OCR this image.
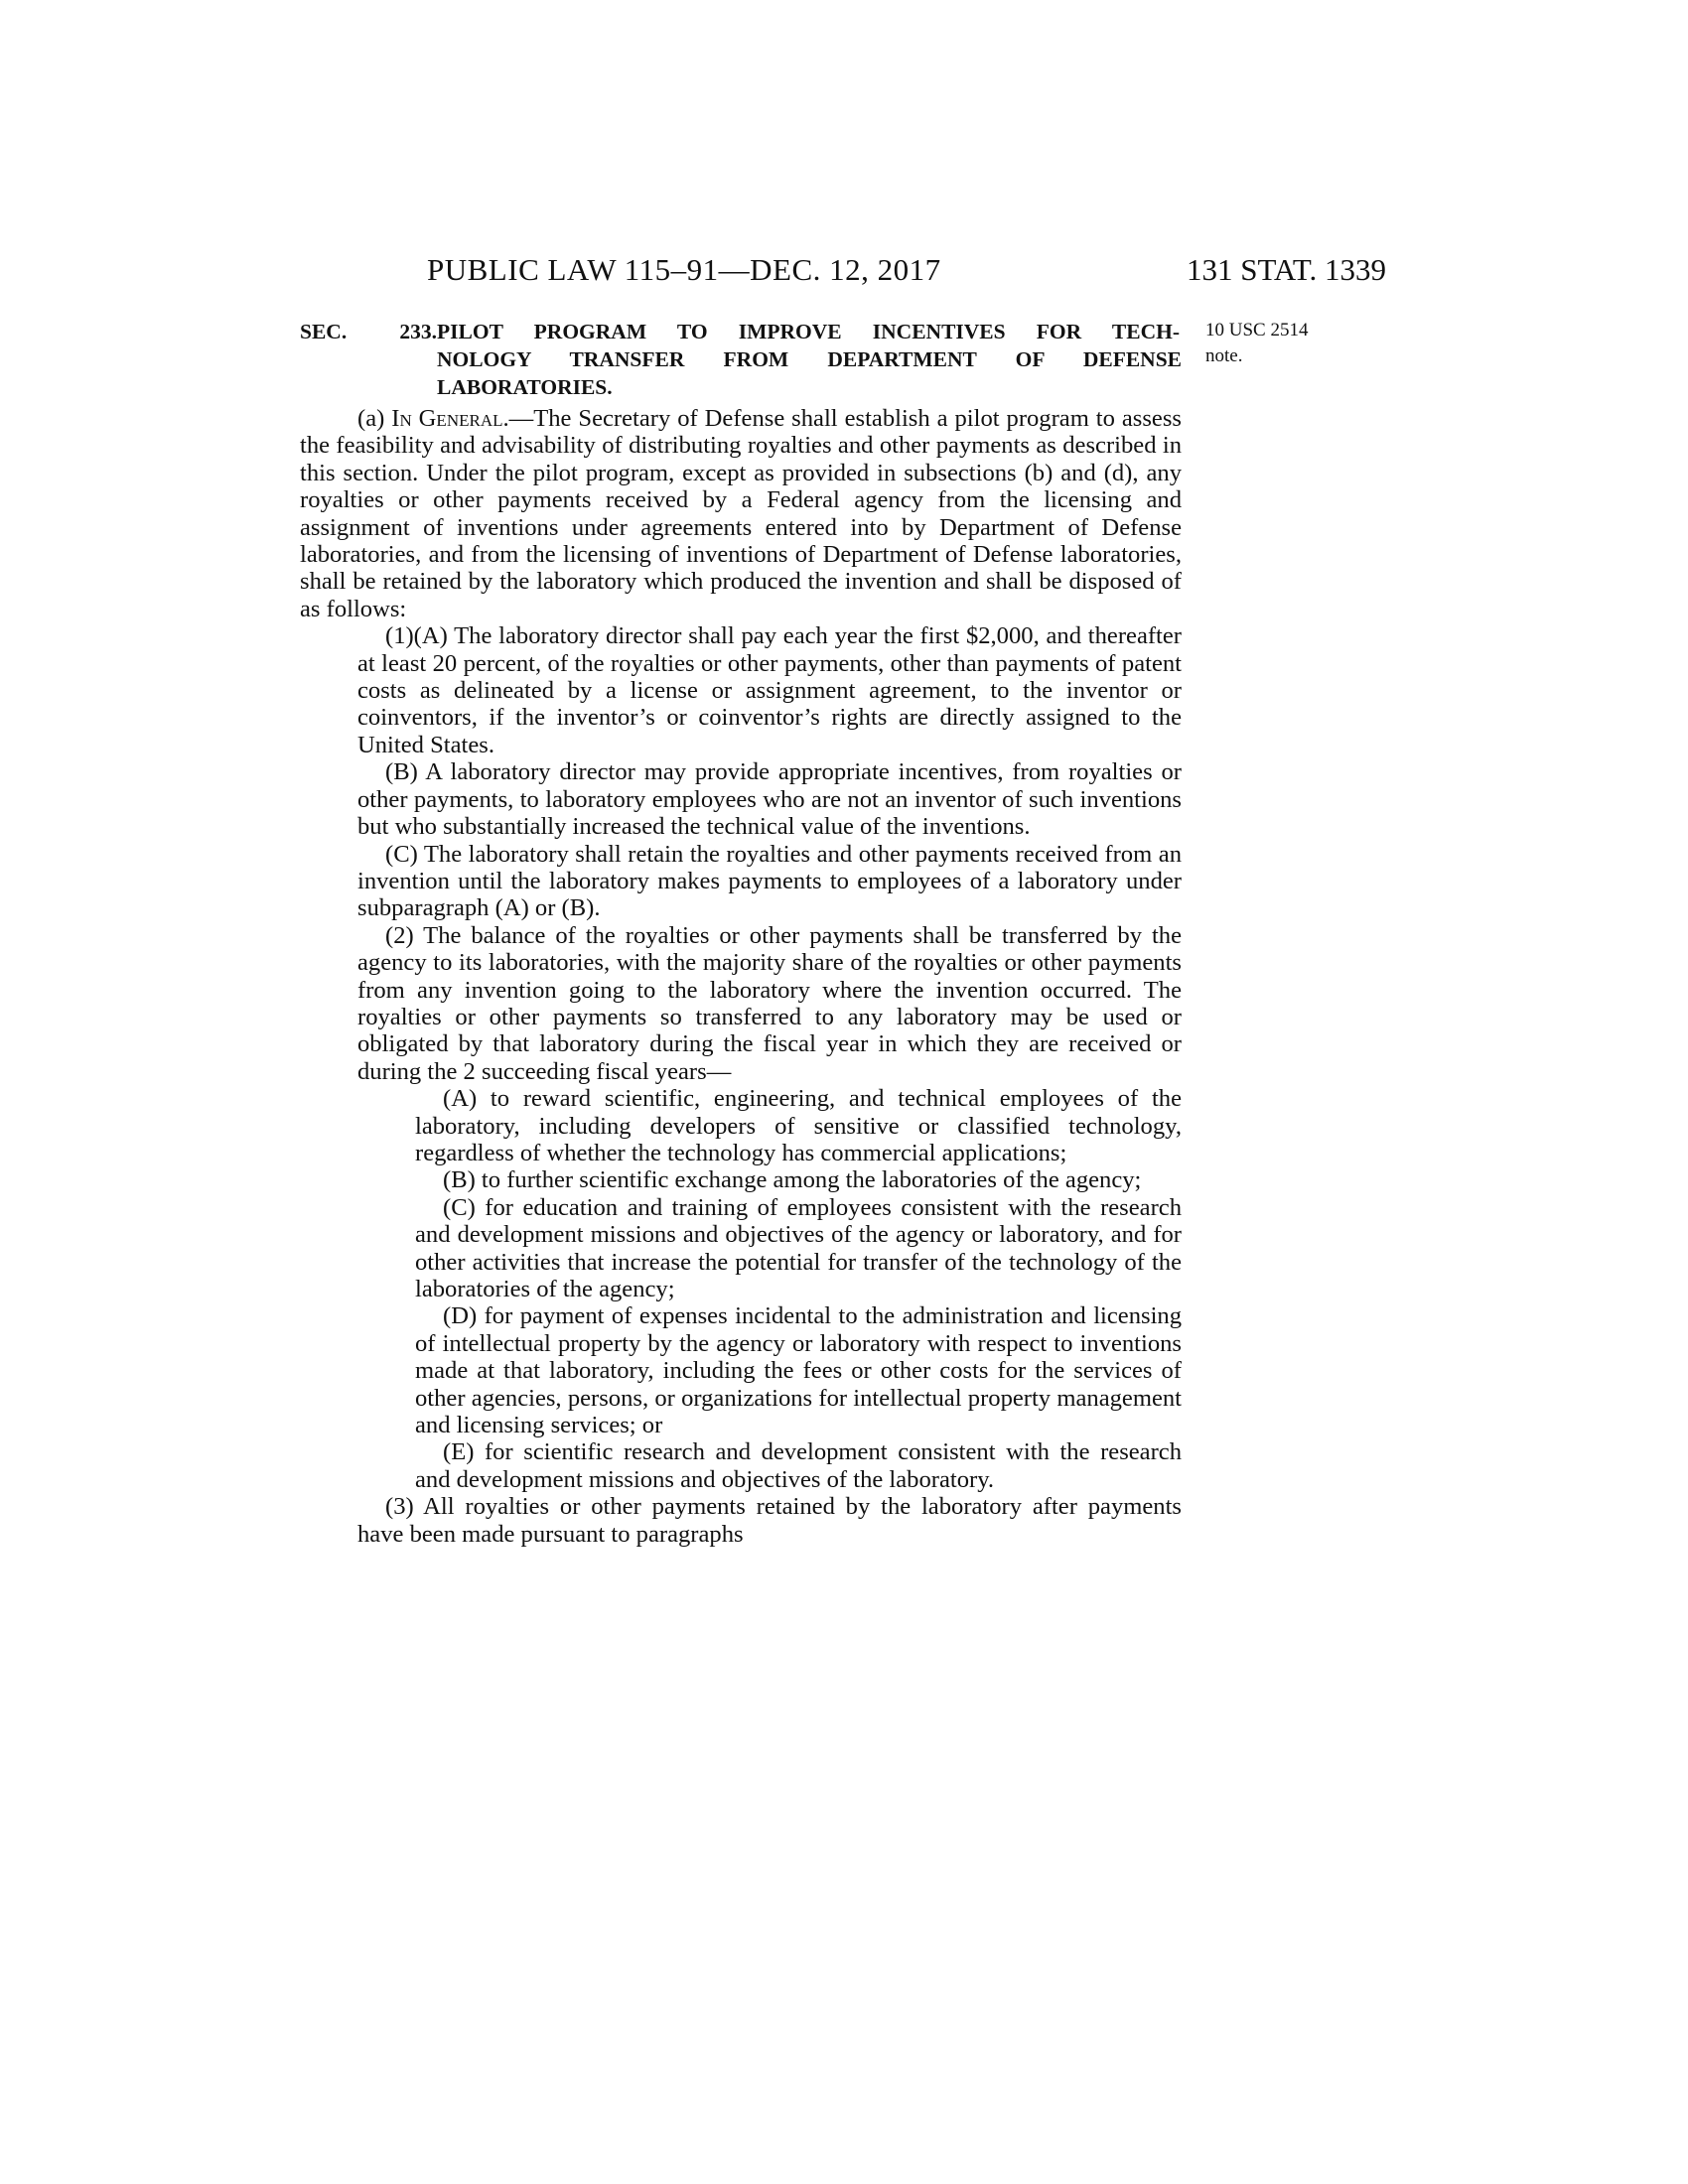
PUBLIC LAW 115–91—DEC. 12, 2017	131 STAT. 1339
SEC. 233.PILOT PROGRAM TO IMPROVE INCENTIVES FOR TECH-
NOLOGY TRANSFER FROM DEPARTMENT OF DEFENSE
LABORATORIES.
10 USC 2514
note.

(a) In General.—The Secretary of Defense shall establish a pilot program to assess the feasibility and advisability of distributing royalties and other payments as described in this section. Under the pilot program, except as provided in subsections (b) and (d), any royalties or other payments received by a Federal agency from the licensing and assignment of inventions under agreements entered into by Department of Defense laboratories, and from the licensing of inventions of Department of Defense laboratories, shall be retained by the laboratory which produced the invention and shall be disposed of as follows:

(1)(A) The laboratory director shall pay each year the first $2,000, and thereafter at least 20 percent, of the royalties or other payments, other than payments of patent costs as delineated by a license or assignment agreement, to the inventor or coinventors, if the inventor’s or coinventor’s rights are directly assigned to the United States.

(B) A laboratory director may provide appropriate incentives, from royalties or other payments, to laboratory employees who are not an inventor of such inventions but who substantially increased the technical value of the inventions.

(C) The laboratory shall retain the royalties and other payments received from an invention until the laboratory makes payments to employees of a laboratory under subparagraph (A) or (B).

(2) The balance of the royalties or other payments shall be transferred by the agency to its laboratories, with the majority share of the royalties or other payments from any invention going to the laboratory where the invention occurred. The royalties or other payments so transferred to any laboratory may be used or obligated by that laboratory during the fiscal year in which they are received or during the 2 succeeding fiscal years—

(A) to reward scientific, engineering, and technical employees of the laboratory, including developers of sensitive or classified technology, regardless of whether the technology has commercial applications;

(B) to further scientific exchange among the laboratories of the agency;

(C) for education and training of employees consistent with the research and development missions and objectives of the agency or laboratory, and for other activities that increase the potential for transfer of the technology of the laboratories of the agency;

(D) for payment of expenses incidental to the administration and licensing of intellectual property by the agency or laboratory with respect to inventions made at that laboratory, including the fees or other costs for the services of other agencies, persons, or organizations for intellectual property management and licensing services; or

(E) for scientific research and development consistent with the research and development missions and objectives of the laboratory.

(3) All royalties or other payments retained by the laboratory after payments have been made pursuant to paragraphs
